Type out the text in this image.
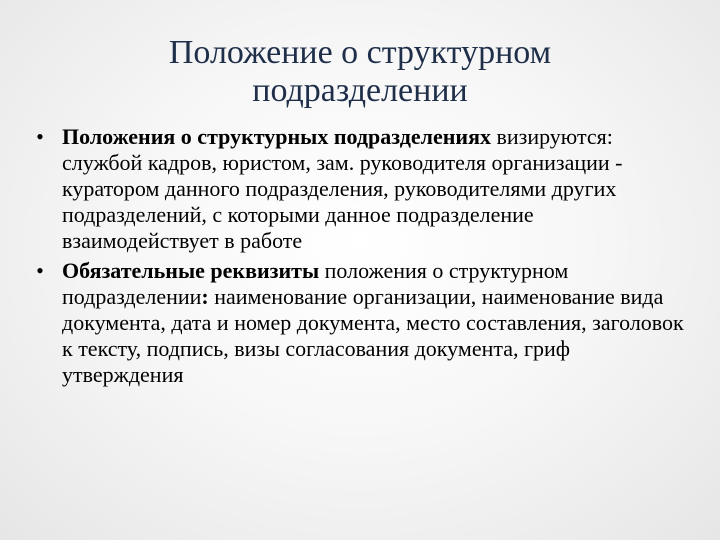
Положение о структурном
подразделении
• Положения о структурных подразделениях визируются: службой кадров, юристом, зам. руководителя организации - куратором данного подразделения, руководителями других подразделений, с которыми данное подразделение взаимодействует в работе
• Обязательные реквизиты положения о структурном подразделении: наименование организации, наименование вида документа, дата и номер документа, место составления, заголовок к тексту, подпись, визы согласования документа, гриф утверждения
